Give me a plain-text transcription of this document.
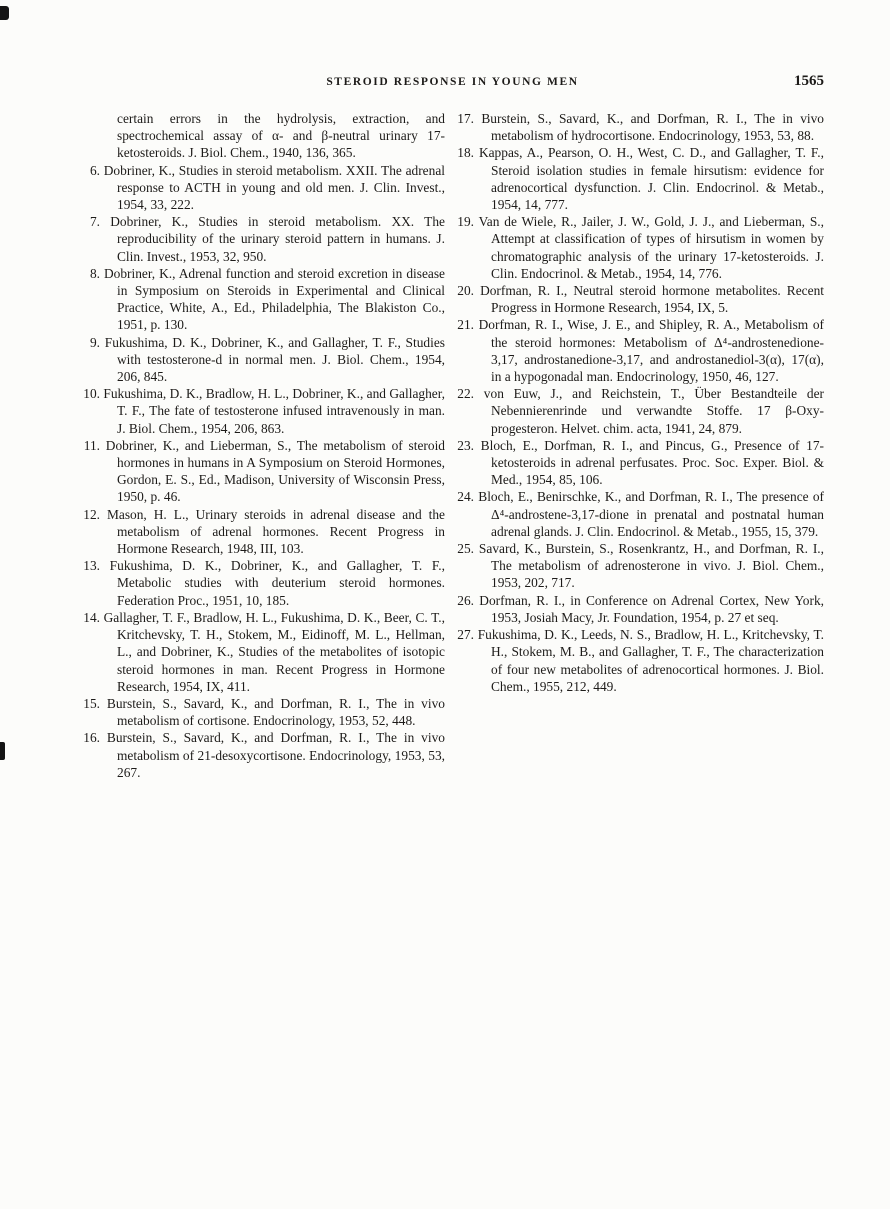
STEROID RESPONSE IN YOUNG MEN	1565
certain errors in the hydrolysis, extraction, and spectrochemical assay of α- and β-neutral urinary 17-ketosteroids. J. Biol. Chem., 1940, 136, 365.
6. Dobriner, K., Studies in steroid metabolism. XXII. The adrenal response to ACTH in young and old men. J. Clin. Invest., 1954, 33, 222.
7. Dobriner, K., Studies in steroid metabolism. XX. The reproducibility of the urinary steroid pattern in humans. J. Clin. Invest., 1953, 32, 950.
8. Dobriner, K., Adrenal function and steroid excretion in disease in Symposium on Steroids in Experimental and Clinical Practice, White, A., Ed., Philadelphia, The Blakiston Co., 1951, p. 130.
9. Fukushima, D. K., Dobriner, K., and Gallagher, T. F., Studies with testosterone-d in normal men. J. Biol. Chem., 1954, 206, 845.
10. Fukushima, D. K., Bradlow, H. L., Dobriner, K., and Gallagher, T. F., The fate of testosterone infused intravenously in man. J. Biol. Chem., 1954, 206, 863.
11. Dobriner, K., and Lieberman, S., The metabolism of steroid hormones in humans in A Symposium on Steroid Hormones, Gordon, E. S., Ed., Madison, University of Wisconsin Press, 1950, p. 46.
12. Mason, H. L., Urinary steroids in adrenal disease and the metabolism of adrenal hormones. Recent Progress in Hormone Research, 1948, III, 103.
13. Fukushima, D. K., Dobriner, K., and Gallagher, T. F., Metabolic studies with deuterium steroid hormones. Federation Proc., 1951, 10, 185.
14. Gallagher, T. F., Bradlow, H. L., Fukushima, D. K., Beer, C. T., Kritchevsky, T. H., Stokem, M., Eidinoff, M. L., Hellman, L., and Dobriner, K., Studies of the metabolites of isotopic steroid hormones in man. Recent Progress in Hormone Research, 1954, IX, 411.
15. Burstein, S., Savard, K., and Dorfman, R. I., The in vivo metabolism of cortisone. Endocrinology, 1953, 52, 448.
16. Burstein, S., Savard, K., and Dorfman, R. I., The in vivo metabolism of 21-desoxycortisone. Endocrinology, 1953, 53, 267.
17. Burstein, S., Savard, K., and Dorfman, R. I., The in vivo metabolism of hydrocortisone. Endocrinology, 1953, 53, 88.
18. Kappas, A., Pearson, O. H., West, C. D., and Gallagher, T. F., Steroid isolation studies in female hirsutism: evidence for adrenocortical dysfunction. J. Clin. Endocrinol. & Metab., 1954, 14, 777.
19. Van de Wiele, R., Jailer, J. W., Gold, J. J., and Lieberman, S., Attempt at classification of types of hirsutism in women by chromatographic analysis of the urinary 17-ketosteroids. J. Clin. Endocrinol. & Metab., 1954, 14, 776.
20. Dorfman, R. I., Neutral steroid hormone metabolites. Recent Progress in Hormone Research, 1954, IX, 5.
21. Dorfman, R. I., Wise, J. E., and Shipley, R. A., Metabolism of the steroid hormones: Metabolism of Δ⁴-androstenedione-3,17, androstanedione-3,17, and androstanediol-3(α), 17(α), in a hypogonadal man. Endocrinology, 1950, 46, 127.
22. von Euw, J., and Reichstein, T., Über Bestandteile der Nebennierenrinde und verwandte Stoffe. 17 β-Oxy-progesteron. Helvet. chim. acta, 1941, 24, 879.
23. Bloch, E., Dorfman, R. I., and Pincus, G., Presence of 17-ketosteroids in adrenal perfusates. Proc. Soc. Exper. Biol. & Med., 1954, 85, 106.
24. Bloch, E., Benirschke, K., and Dorfman, R. I., The presence of Δ⁴-androstene-3,17-dione in prenatal and postnatal human adrenal glands. J. Clin. Endocrinol. & Metab., 1955, 15, 379.
25. Savard, K., Burstein, S., Rosenkrantz, H., and Dorfman, R. I., The metabolism of adrenosterone in vivo. J. Biol. Chem., 1953, 202, 717.
26. Dorfman, R. I., in Conference on Adrenal Cortex, New York, 1953, Josiah Macy, Jr. Foundation, 1954, p. 27 et seq.
27. Fukushima, D. K., Leeds, N. S., Bradlow, H. L., Kritchevsky, T. H., Stokem, M. B., and Gallagher, T. F., The characterization of four new metabolites of adrenocortical hormones. J. Biol. Chem., 1955, 212, 449.
